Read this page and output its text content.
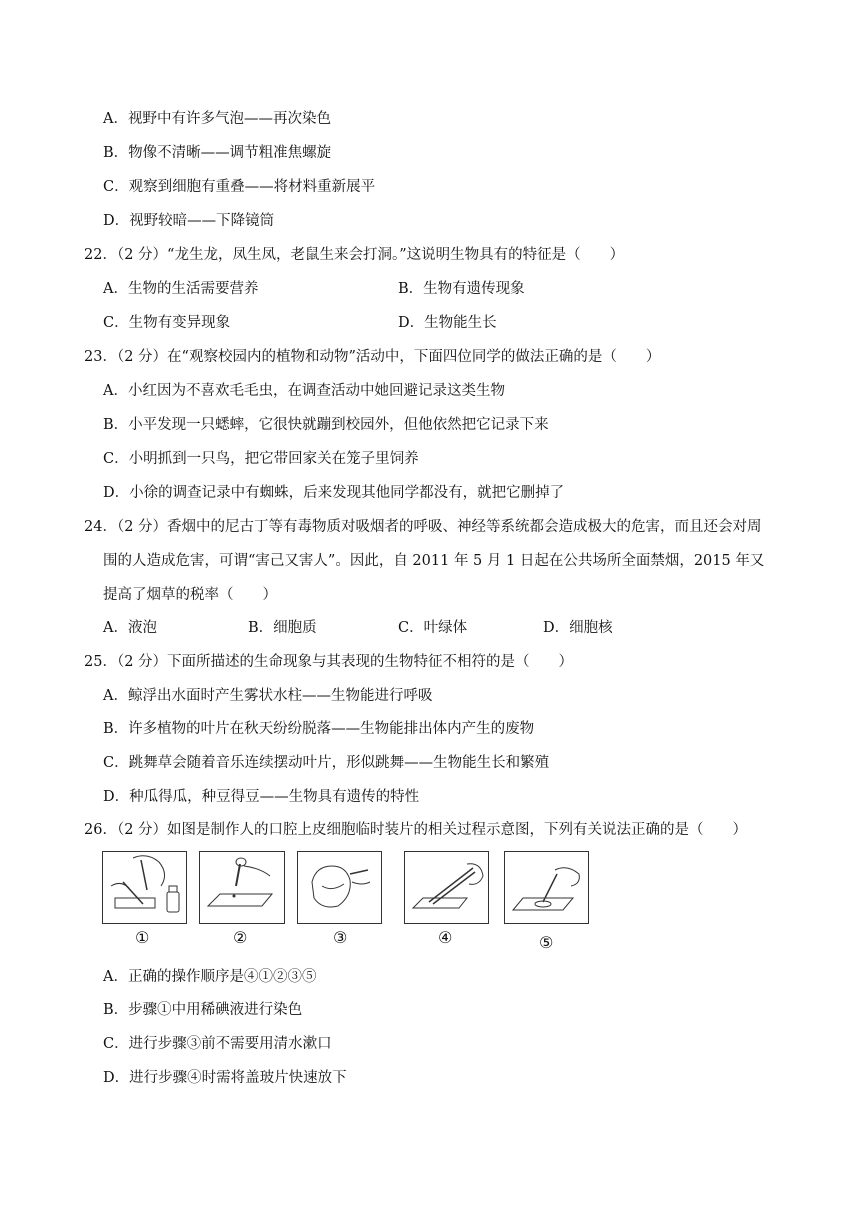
A．视野中有许多气泡——再次染色
B．物像不清晰——调节粗准焦螺旋
C．观察到细胞有重叠——将材料重新展平
D．视野较暗——下降镜筒
22．（2 分）“龙生龙，凤生凤，老鼠生来会打洞。”这说明生物具有的特征是（　　）
A．生物的生活需要营养	B．生物有遗传现象
C．生物有变异现象	D．生物能生长
23．（2 分）在“观察校园内的植物和动物”活动中，下面四位同学的做法正确的是（　　）
A．小红因为不喜欢毛毛虫，在调查活动中她回避记录这类生物
B．小平发现一只蟋蟀，它很快就蹦到校园外，但他依然把它记录下来
C．小明抓到一只鸟，把它带回家关在笼子里饲养
D．小徐的调查记录中有蜘蛛，后来发现其他同学都没有，就把它删掉了
24．（2 分）香烟中的尼古丁等有毒物质对吸烟者的呼吸、神经等系统都会造成极大的危害，而且还会对周
围的人造成危害，可谓“害己又害人”。因此，自 2011 年 5 月 1 日起在公共场所全面禁烟，2015 年又
提高了烟草的税率（　　）
A．液泡	B．细胞质	C．叶绿体	D．细胞核
25．（2 分）下面所描述的生命现象与其表现的生物特征不相符的是（　　）
A．鲸浮出水面时产生雾状水柱——生物能进行呼吸
B．许多植物的叶片在秋天纷纷脱落——生物能排出体内产生的废物
C．跳舞草会随着音乐连续摆动叶片，形似跳舞——生物能生长和繁殖
D．种瓜得瓜，种豆得豆——生物具有遗传的特性
26．（2 分）如图是制作人的口腔上皮细胞临时装片的相关过程示意图，下列有关说法正确的是（　　）
①	②	③	④	⑤
A．正确的操作顺序是④①②③⑤
B．步骤①中用稀碘液进行染色
C．进行步骤③前不需要用清水漱口
D．进行步骤④时需将盖玻片快速放下
